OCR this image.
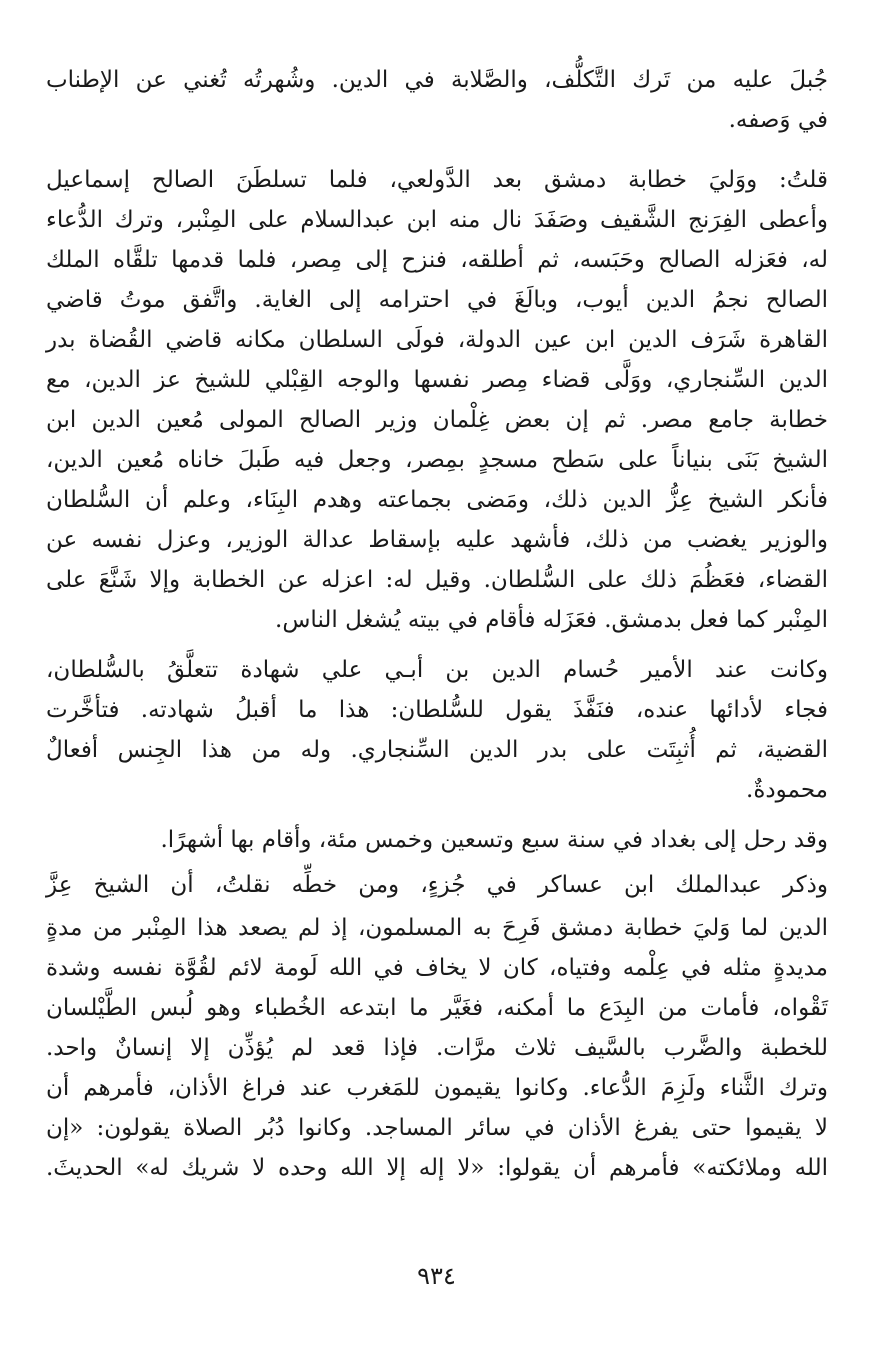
جُبلَ عليه من تَرك التَّكلُّف، والصَّلابة في الدين. وشُهرتُه تُغني عن الإطناب
في وَصفه.
قلتُ: ووَليَ خطابة دمشق بعد الدَّولعي، فلما تسلطَنَ الصالح إسماعيل
وأعطى الفِرَنج الشَّقيف وصَفَدَ نال منه ابن عبدالسلام على المِنْبر، وترك الدُّعاء
له، فعَزله الصالح وحَبَسه، ثم أطلقه، فنزح إلى مِصر، فلما قدمها تلقَّاه الملك
الصالح نجمُ الدين أيوب، وبالَغَ في احترامه إلى الغاية. واتَّفق موتُ قاضي
القاهرة شَرَف الدين ابن عين الدولة، فولَى السلطان مكانه قاضي القُضاة بدر
الدين السِّنجاري، ووَلَّى قضاء مِصر نفسها والوجه القِبْلي للشيخ عز الدين، مع
خطابة جامع مصر. ثم إن بعض غِلْمان وزير الصالح المولى مُعين الدين ابن
الشيخ بَنَى بنياناً على سَطح مسجدٍ بمِصر، وجعل فيه طَبلَ خاناه مُعين الدين،
فأنكر الشيخ عِزُّ الدين ذلك، ومَضى بجماعته وهدم البِنَاء، وعلم أن السُّلطان
والوزير يغضب من ذلك، فأشهد عليه بإسقاط عدالة الوزير، وعزل نفسه عن
القضاء، فعَظُمَ ذلك على السُّلطان. وقيل له: اعزله عن الخطابة وإلا شَنَّعَ على
المِنْبر كما فعل بدمشق. فعَزَله فأقام في بيته يُشغل الناس.
وكانت عند الأمير حُسام الدين بن أبـي علي شهادة تتعلَّقُ بالسُّلطان،
فجاء لأدائها عنده، فنَفَّذَ يقول للسُّلطان: هذا ما أقبلُ شهادته. فتأخَّرت
القضية، ثم أُثبِتَت على بدر الدين السِّنجاري. وله من هذا الجِنس أفعالٌ
محمودةٌ.
وقد رحل إلى بغداد في سنة سبع وتسعين وخمس مئة، وأقام بها أشهرًا.
وذكر عبدالملك ابن عساكر في جُزءٍ، ومن خطِّه نقلتُ، أن الشيخ عِزَّ
الدين لما وَليَ خطابة دمشق فَرِحَ به المسلمون، إذ لم يصعد هذا المِنْبر من مدةٍ
مديدةٍ مثله في عِلْمه وفتياه، كان لا يخاف في الله لَومة لائم لقُوَّة نفسه وشدة
تَقْواه، فأمات من البِدَع ما أمكنه، فغَيَّر ما ابتدعه الخُطباء وهو لُبس الطَّيْلسان
للخطبة والضَّرب بالسَّيف ثلاث مرَّات. فإذا قعد لم يُؤذِّن إلا إنسانٌ واحد.
وترك الثَّناء ولَزِمَ الدُّعاء. وكانوا يقيمون للمَغرب عند فراغ الأذان، فأمرهم أن
لا يقيموا حتى يفرغ الأذان في سائر المساجد. وكانوا دُبُر الصلاة يقولون: «إن
الله وملائكته» فأمرهم أن يقولوا: «لا إله إلا الله وحده لا شريك له» الحديثَ.
٩٣٤
